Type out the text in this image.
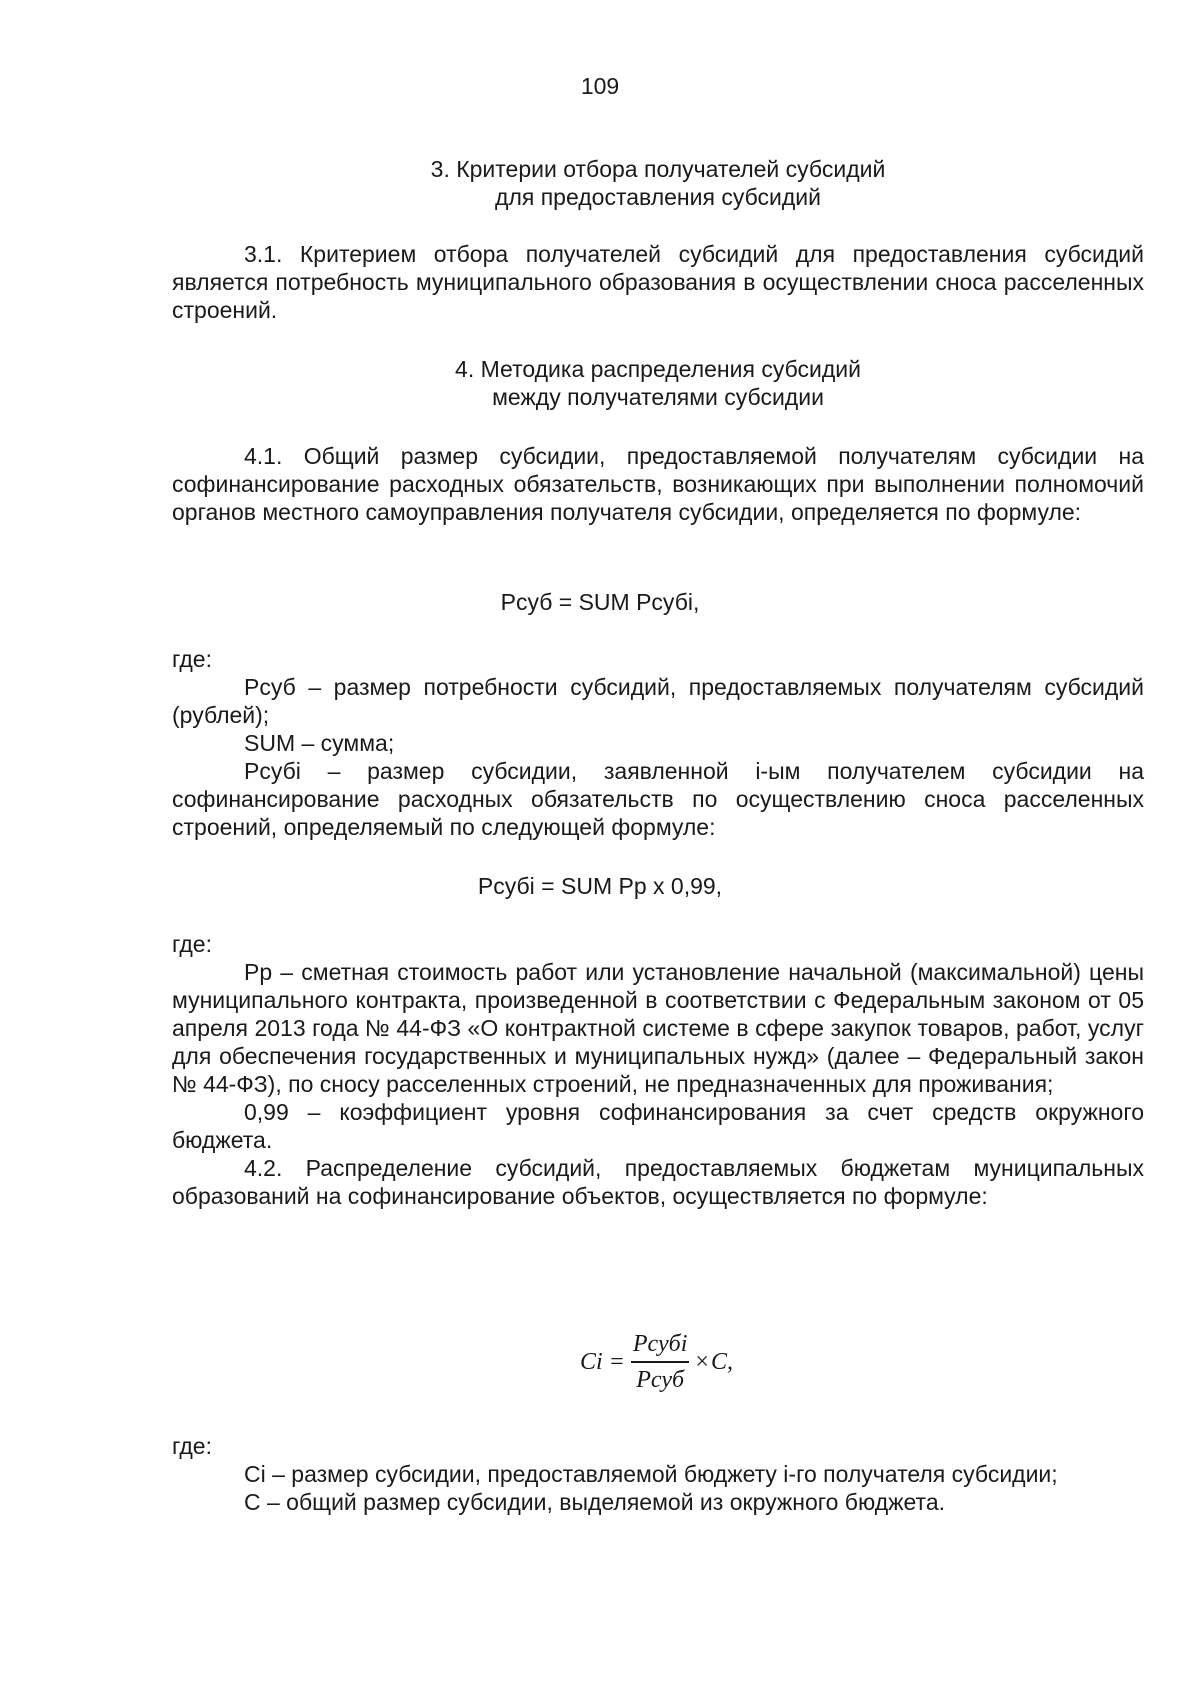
109
3. Критерии отбора получателей субсидий
для предоставления субсидий

3.1. Критерием отбора получателей субсидий для предоставления субсидий является потребность муниципального образования в осуществлении сноса расселенных строений.

4. Методика распределения субсидий
между получателями субсидии

4.1. Общий размер субсидии, предоставляемой получателям субсидии на софинансирование расходных обязательств, возникающих при выполнении полномочий органов местного самоуправления получателя субсидии, определяется по формуле:

Рсуб = SUM Рсубi,
где:

Рсуб – размер потребности субсидий, предоставляемых получателям субсидий (рублей);

SUM – сумма;

Рсубi – размер субсидии, заявленной i-ым получателем субсидии на софинансирование расходных обязательств по осуществлению сноса расселенных строений, определяемый по следующей формуле:

Рсубi = SUM Рр х 0,99,
где:

Рр – сметная стоимость работ или установление начальной (максимальной) цены муниципального контракта, произведенной в соответствии с Федеральным законом от 05 апреля 2013 года № 44-ФЗ «О контрактной системе в сфере закупок товаров, работ, услуг для обеспечения государственных и муниципальных нужд» (далее – Федеральный закон № 44-ФЗ), по сносу расселенных строений, не предназначенных для проживания;

0,99 – коэффициент уровня софинансирования за счет средств окружного бюджета.

4.2. Распределение субсидий, предоставляемых бюджетам муниципальных образований на софинансирование объектов, осуществляется по формуле:

$Ci = \frac{\text{Рсубi}}{\text{Рсуб}} \times C$,
где:

Ci – размер субсидии, предоставляемой бюджету i-го получателя субсидии;

С – общий размер субсидии, выделяемой из окружного бюджета.
